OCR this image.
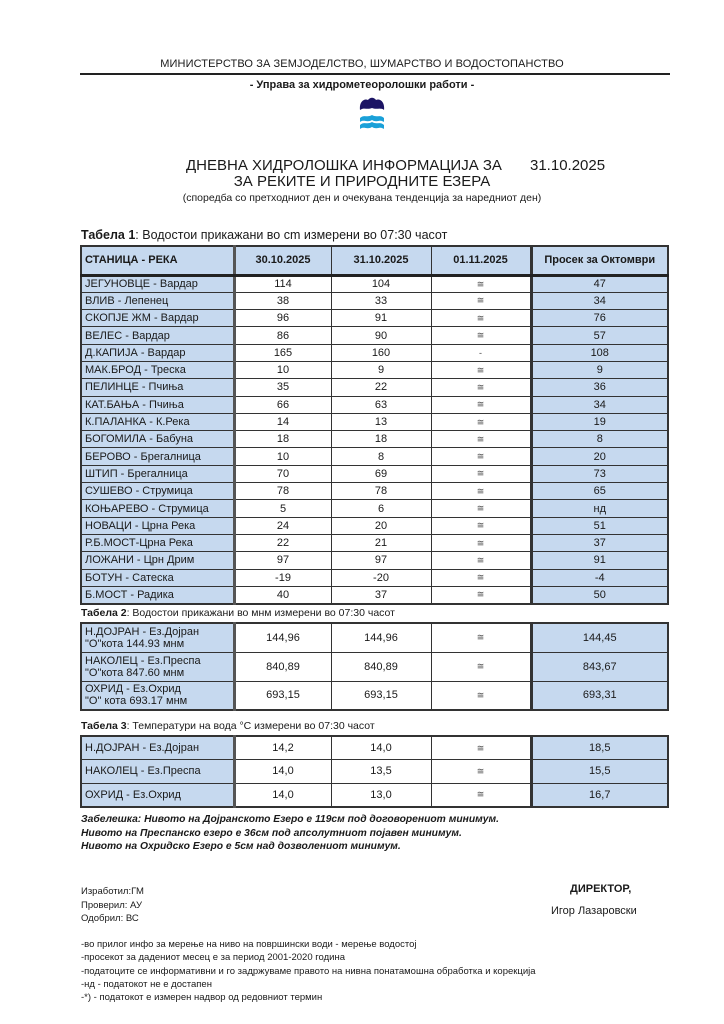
МИНИСТЕРСТВО ЗА ЗЕМЈОДЕЛСТВО, ШУМАРСТВО И ВОДОСТОПАНСТВО
- Управа за хидрометеоролошки работи -
ДНЕВНА ХИДРОЛОШКА ИНФОРМАЦИЈА ЗА 31.10.2025
ЗА РЕКИТЕ И ПРИРОДНИТЕ ЕЗЕРА
(споредба со претходниот ден и очекувана тенденција за наредниот ден)
Табела 1: Водостои прикажани во cm измерени во 07:30 часот
СТАНИЦА - РЕКА	30.10.2025	31.10.2025	01.11.2025	Просек за Октомври
ЈЕГУНОВЦЕ - Вардар	114	104	≅	47
ВЛИВ - Лепенец	38	33	≅	34
СКОПЈЕ ЖМ - Вардар	96	91	≅	76
ВЕЛЕС - Вардар	86	90	≅	57
Д.КАПИЈА - Вардар	165	160	-	108
МАК.БРОД - Треска	10	9	≅	9
ПЕЛИНЦЕ - Пчиња	35	22	≅	36
КАТ.БАЊА - Пчиња	66	63	≅	34
К.ПАЛАНКА - К.Река	14	13	≅	19
БОГОМИЛА - Бабуна	18	18	≅	8
БЕРОВО - Брегалница	10	8	≅	20
ШТИП - Брегалница	70	69	≅	73
СУШЕВО - Струмица	78	78	≅	65
КОЊАРЕВО - Струмица	5	6	≅	нд
НОВАЦИ - Црна Река	24	20	≅	51
Р.Б.МОСТ-Црна Река	22	21	≅	37
ЛОЖАНИ - Црн Дрим	97	97	≅	91
БОТУН - Сатеска	-19	-20	≅	-4
Б.МОСТ - Радика	40	37	≅	50
Табела 2: Водостои прикажани во мнм измерени во 07:30 часот
Н.ДОЈРАН - Ез.Дојран
"О"кота 144.93 мнм	144,96	144,96	≅	144,45

НАКОЛЕЦ - Ез.Преспа
"О"кота 847.60 мнм	840,89	840,89	≅	843,67

ОХРИД - Ез.Охрид
"О" кота 693.17 мнм	693,15	693,15	≅	693,31
Табела 3: Температури на вода °C измерени во 07:30 часот
Н.ДОЈРАН - Ез.Дојран	14,2	14,0	≅	18,5
НАКОЛЕЦ - Ез.Преспа	14,0	13,5	≅	15,5
ОХРИД - Ез.Охрид	14,0	13,0	≅	16,7
Забелешка: Нивото на Дојранското Езеро е 119см под договорениот минимум.
Нивото на Преспанско езеро е 36см под апсолутниот појавен минимум.
Нивото на Охридско Езеро е 5см над дозволениот минимум.
Изработил:ГМ
Проверил: АУ
Одобрил: ВС
ДИРЕКТОР,
Игор Лазаровски
-во прилог инфо за мерење на ниво на површински води - мерење водостој
-просекот за дадениот месец е за период 2001-2020 година
-податоците се информативни и го задржуваме правото на нивна понатамошна обработка и корекција
-нд - податокот не е достапен
-*) - податокот е измерен надвор од редовниот термин
